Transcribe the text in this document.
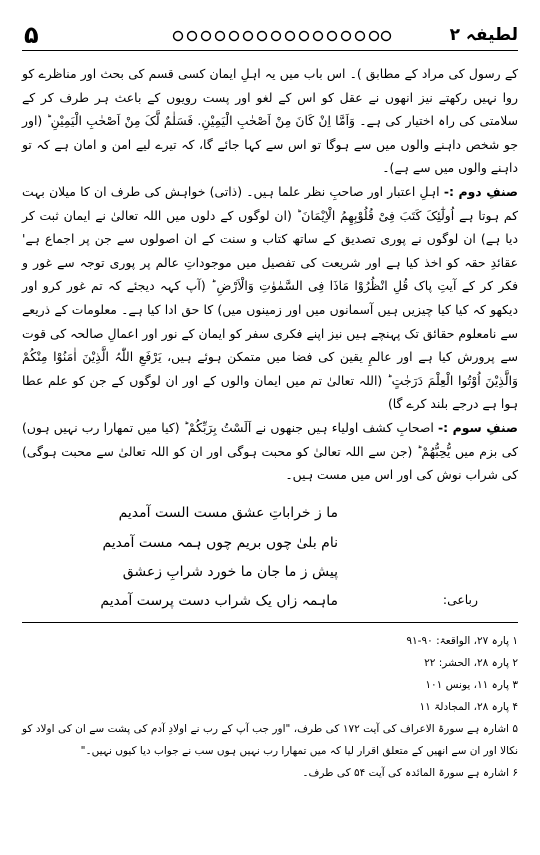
۵	لطیفہ ۲

کے رسول کی مراد کے مطابق )۔ اس باب میں یہ اہلِ ایمان کسی قسم کی بحث اور مناظرے کو روا نہیں رکھتے نیز انھوں نے عقل کو اس کے لغو اور پست رویوں کے باعث ہر طرف کر کے سلامتی کی راہ اختیار کی ہے۔ وَاَمَّا اِنْ کَانَ مِنْ اَصْحٰبِ الْیَمِیْنِ. فَسَلٰمٌ لَّکَ مِنْ اَصْحٰبِ الْیَمِیْنِ ؕ (اور جو شخص داہنے والوں میں سے ہوگا تو اس سے کہا جائے گا، کہ تیرے لیے امن و امان ہے کہ تو داہنے والوں میں سے ہے)۔

صنفِ دوم :- اہلِ اعتبار اور صاحبِ نظر علما ہیں۔ (ذاتی) خواہش کی طرف ان کا میلان بہت کم ہوتا ہے اُولٰٓئِکَ کَتَبَ فِیْ قُلُوْبِھِمُ الْاِیْمَانَ ؕ (ان لوگوں کے دلوں میں اللہ تعالیٰ نے ایمان ثبت کر دیا ہے) ان لوگوں نے پوری تصدیق کے ساتھ کتاب و سنت کے ان اصولوں سے جن پر اجماع ہے' عقائدِ حقہ کو اخذ کیا ہے اور شریعت کی تفصیل میں موجوداتِ عالم پر پوری توجہ سے غور و فکر کر کے آیتِ پاک قُلِ انْظُرُوْا مَاذَا فِی السَّمٰوٰتِ وَالْاَرْضِ ؕ (آپ کہہ دیجئے کہ تم غور کرو اور دیکھو کہ کیا کیا چیزیں ہیں آسمانوں میں اور زمینوں میں) کا حق ادا کیا ہے۔ معلومات کے ذریعے سے نامعلوم حقائق تک پہنچے ہیں نیز اپنے فکری سفر کو ایمان کے نور اور اعمالِ صالحہ کی قوت سے پرورش کیا ہے اور عالمِ یقین کی فضا میں متمکن ہوئے ہیں، یَرْفَعِ اللّٰہُ الَّذِیْنَ اٰمَنُوْا مِنْکُمْ وَالَّذِیْنَ اُوْتُوا الْعِلْمَ دَرَجٰتٍ ؕ (اللہ تعالیٰ تم میں ایمان والوں کے اور ان لوگوں کے جن کو علم عطا ہوا ہے درجے بلند کرے گا)

صنفِ سوم :- اصحابِ کشف اولیاء ہیں جنھوں نے اَلَسْتُ بِرَبِّکُمْ ؕ (کیا میں تمھارا رب نہیں ہوں) کی بزم میں یُّحِبُّھُمْ ؕ (جن سے اللہ تعالیٰ کو محبت ہوگی اور ان کو اللہ تعالیٰ سے محبت ہوگی) کی شراب نوش کی اور اس میں مست ہیں۔

رباعی:
ما ز خراباتِ عشق مست الست آمدیم
نام بلیٰ چوں بریم چوں ہمہ مست آمدیم
پیش ز ما جان ما خورد شرابِ زعشق
ماہمہ زاں یک شراب دست پرست آمدیم

۱ پارہ ۲۷، الواقعۃ: ۹۰-۹۱

۲ پارہ ۲۸، الحشر: ۲۲

۳ پارہ ۱۱، یونس ۱۰۱

۴ پارہ ۲۸، المجادلۃ ۱۱

۵ اشارہ ہے سورۃ الاعراف کی آیت ۱۷۲ کی طرف، "اور جب آپ کے رب نے اولادِ آدم کی پشت سے ان کی اولاد کو نکالا اور ان سے انھیں کے متعلق اقرار لیا کہ میں تمھارا رب نہیں ہوں سب نے جواب دیا کیوں نہیں۔"

۶ اشارہ ہے سورۃ المائدہ کی آیت ۵۴ کی طرف۔
